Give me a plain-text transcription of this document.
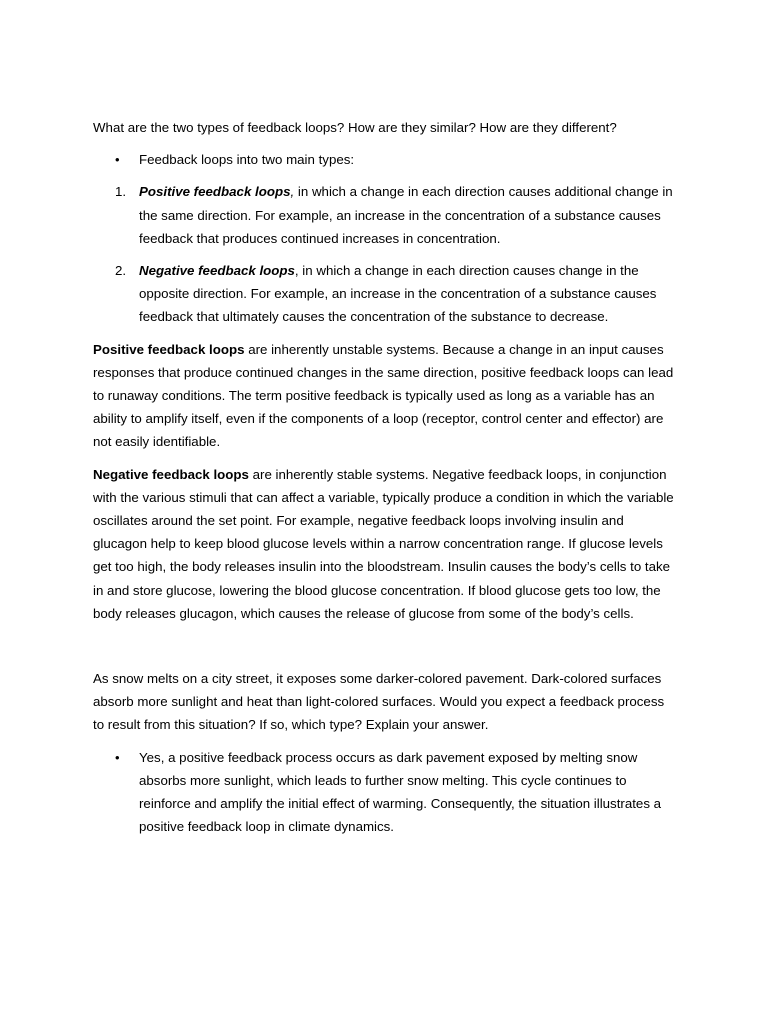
What are the two types of feedback loops? How are they similar? How are they different?

• Feedback loops into two main types:
1. Positive feedback loops, in which a change in each direction causes additional change in the same direction. For example, an increase in the concentration of a substance causes feedback that produces continued increases in concentration.
2. Negative feedback loops, in which a change in each direction causes change in the opposite direction. For example, an increase in the concentration of a substance causes feedback that ultimately causes the concentration of the substance to decrease.

Positive feedback loops are inherently unstable systems. Because a change in an input causes responses that produce continued changes in the same direction, positive feedback loops can lead to runaway conditions. The term positive feedback is typically used as long as a variable has an ability to amplify itself, even if the components of a loop (receptor, control center and effector) are not easily identifiable.

Negative feedback loops are inherently stable systems. Negative feedback loops, in conjunction with the various stimuli that can affect a variable, typically produce a condition in which the variable oscillates around the set point. For example, negative feedback loops involving insulin and glucagon help to keep blood glucose levels within a narrow concentration range. If glucose levels get too high, the body releases insulin into the bloodstream. Insulin causes the body’s cells to take in and store glucose, lowering the blood glucose concentration. If blood glucose gets too low, the body releases glucagon, which causes the release of glucose from some of the body’s cells.

As snow melts on a city street, it exposes some darker-colored pavement. Dark-colored surfaces absorb more sunlight and heat than light-colored surfaces. Would you expect a feedback process to result from this situation? If so, which type? Explain your answer.

• Yes, a positive feedback process occurs as dark pavement exposed by melting snow absorbs more sunlight, which leads to further snow melting. This cycle continues to reinforce and amplify the initial effect of warming. Consequently, the situation illustrates a positive feedback loop in climate dynamics.
